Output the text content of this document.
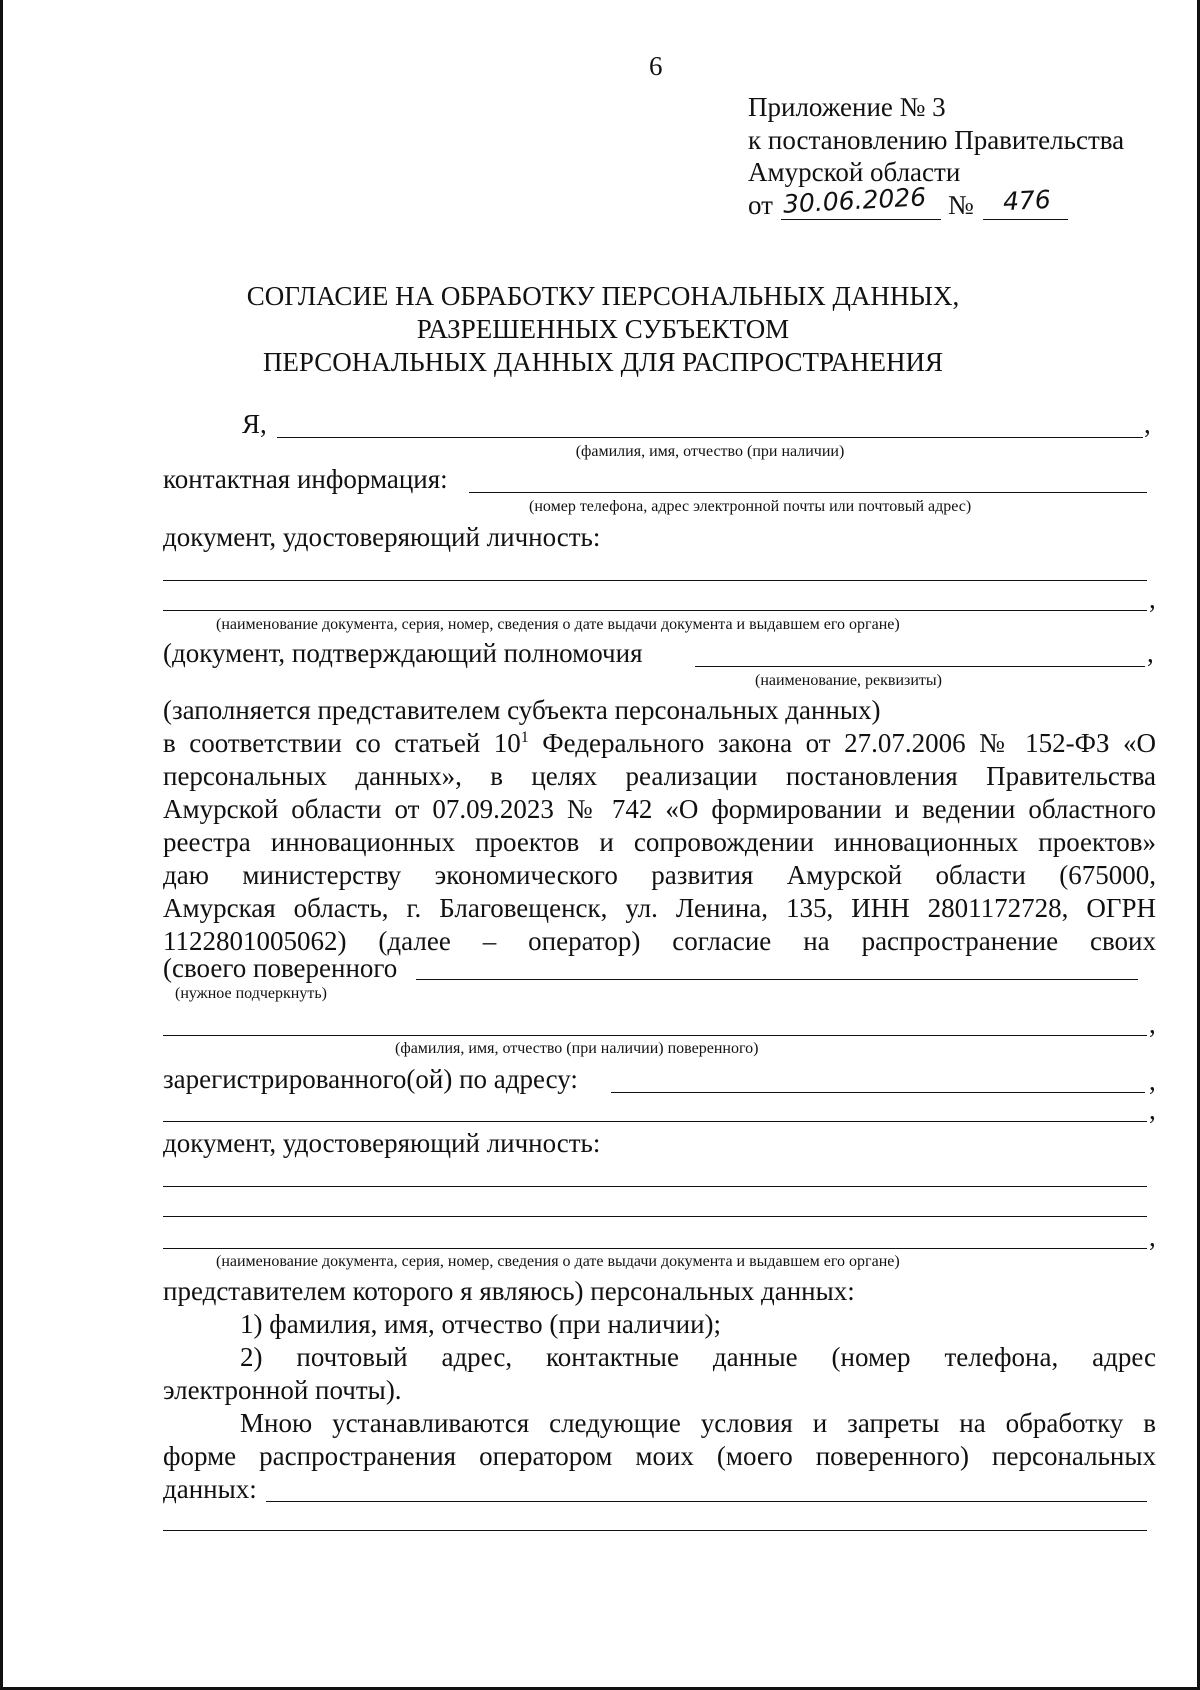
6
Приложение № 3
к постановлению Правительства
Амурской области
от 30.06.2026 № 476
СОГЛАСИЕ НА ОБРАБОТКУ ПЕРСОНАЛЬНЫХ ДАННЫХ,
РАЗРЕШЕННЫХ СУБЪЕКТОМ
ПЕРСОНАЛЬНЫХ ДАННЫХ ДЛЯ РАСПРОСТРАНЕНИЯ
Я,	,
(фамилия, имя, отчество (при наличии)
контактная информация:
(номер телефона, адрес электронной почты или почтовый адрес)
документ, удостоверяющий личность:
,
(наименование документа, серия, номер, сведения о дате выдачи документа и выдавшем его органе)
(документ, подтверждающий полномочия	,
(наименование, реквизиты)
(заполняется представителем субъекта персональных данных)
в соответствии со статьей $10^1$ Федерального закона от 27.07.2006 № 152-ФЗ «О
персональных данных», в целях реализации постановления Правительства
Амурской области от 07.09.2023 № 742 «О формировании и ведении областного
реестра инновационных проектов и сопровождении инновационных проектов»
даю министерству экономического развития Амурской области (675000,
Амурская область, г. Благовещенск, ул. Ленина, 135, ИНН 2801172728, ОГРН
1122801005062) (далее – оператор) согласие на распространение своих
(своего поверенного
(нужное подчеркнуть)
,
(фамилия, имя, отчество (при наличии) поверенного)
зарегистрированного(ой) по адресу:	,
,
документ, удостоверяющий личность:
,
(наименование документа, серия, номер, сведения о дате выдачи документа и выдавшем его органе)
представителем которого я являюсь) персональных данных:
1) фамилия, имя, отчество (при наличии);
2) почтовый адрес, контактные данные (номер телефона, адрес
электронной почты).
Мною устанавливаются следующие условия и запреты на обработку в
форме распространения оператором моих (моего поверенного) персональных
данных:
